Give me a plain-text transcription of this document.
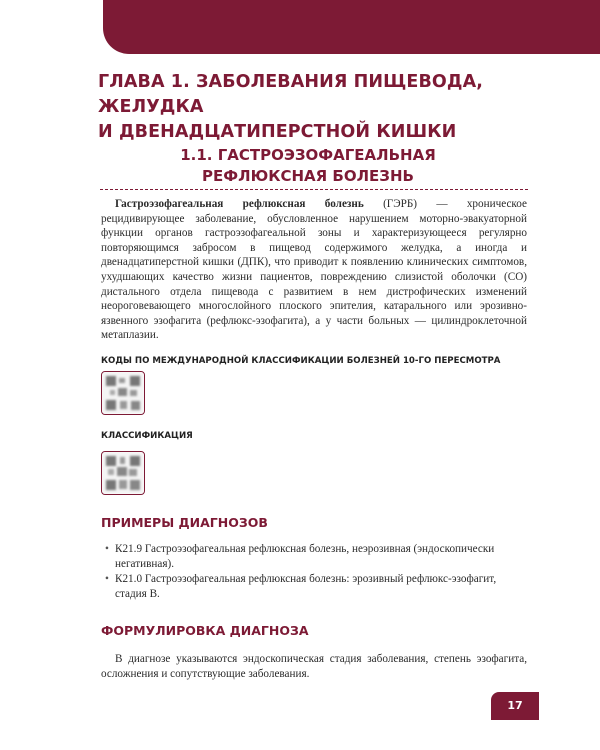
ГЛАВА 1. ЗАБОЛЕВАНИЯ ПИЩЕВОДА, ЖЕЛУДКА
И ДВЕНАДЦАТИПЕРСТНОЙ КИШКИ
1.1. ГАСТРОЭЗОФАГЕАЛЬНАЯ
РЕФЛЮКСНАЯ БОЛЕЗНЬ

Гастроэзофагеальная рефлюксная болезнь (ГЭРБ) — хроническое рецидивирующее заболевание, обусловленное нарушением моторно-эвакуаторной функции органов гастроэзофагеальной зоны и характеризующееся регулярно повторяющимся забросом в пищевод содержимого желудка, а иногда и двенадцатиперстной кишки (ДПК), что приводит к появлению клинических симптомов, ухудшающих качество жизни пациентов, повреждению слизистой оболочки (СО) дистального отдела пищевода с развитием в нем дистрофических изменений неороговевающего многослойного плоского эпителия, катарального или эрозивно-язвенного эзофагита (рефлюкс-эзофагита), а у части больных — цилиндроклеточной метаплазии.

КОДЫ ПО МЕЖДУНАРОДНОЙ КЛАССИФИКАЦИИ БОЛЕЗНЕЙ 10-ГО ПЕРЕСМОТРА

КЛАССИФИКАЦИЯ

ПРИМЕРЫ ДИАГНОЗОВ

• К21.9 Гастроэзофагеальная рефлюксная болезнь, неэрозивная (эндоскопически негативная).
• К21.0 Гастроэзофагеальная рефлюксная болезнь: эрозивный рефлюкс-эзофагит, стадия B.

ФОРМУЛИРОВКА ДИАГНОЗА

В диагнозе указываются эндоскопическая стадия заболевания, степень эзофагита, осложнения и сопутствующие заболевания.

17
